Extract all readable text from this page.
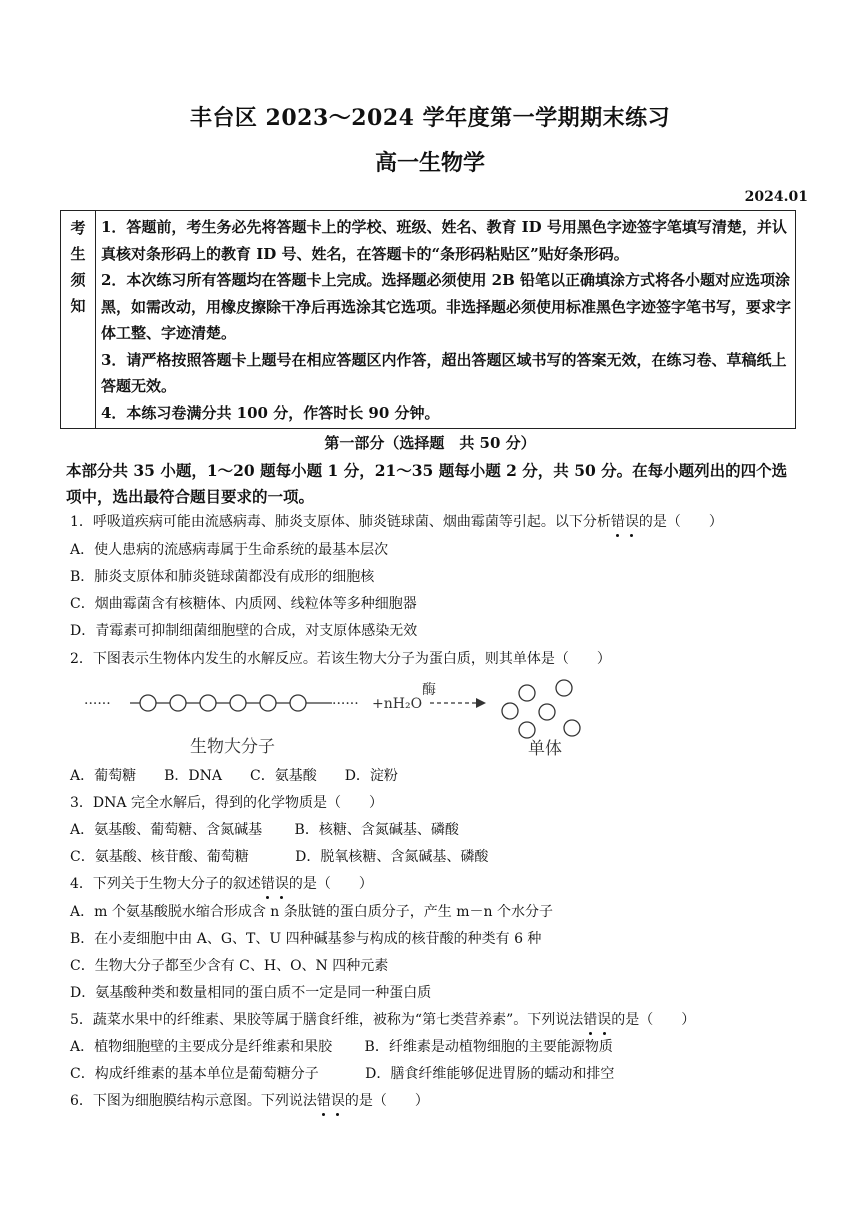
丰台区 2023～2024 学年度第一学期期末练习
高一生物学
2024.01
考
生
须
知

1．答题前，考生务必先将答题卡上的学校、班级、姓名、教育 ID 号用黑色字迹签字笔填写清楚，并认真核对条形码上的教育 ID 号、姓名，在答题卡的“条形码粘贴区”贴好条形码。

2．本次练习所有答题均在答题卡上完成。选择题必须使用 2B 铅笔以正确填涂方式将各小题对应选项涂黑，如需改动，用橡皮擦除干净后再选涂其它选项。非选择题必须使用标准黑色字迹签字笔书写，要求字体工整、字迹清楚。

3．请严格按照答题卡上题号在相应答题区内作答，超出答题区域书写的答案无效，在练习卷、草稿纸上答题无效。

4．本练习卷满分共 100 分，作答时长 90 分钟。

第一部分（选择题　共 50 分）
本部分共 35 小题，1～20 题每小题 1 分，21～35 题每小题 2 分，共 50 分。在每小题列出的四个选项中，选出最符合题目要求的一项。
1．呼吸道疾病可能由流感病毒、肺炎支原体、肺炎链球菌、烟曲霉菌等引起。以下分析错误的是（　　）
A．使人患病的流感病毒属于生命系统的最基本层次
B．肺炎支原体和肺炎链球菌都没有成形的细胞核
C．烟曲霉菌含有核糖体、内质网、线粒体等多种细胞器
D．青霉素可抑制细菌细胞壁的合成，对支原体感染无效
2．下图表示生物体内发生的水解反应。若该生物大分子为蛋白质，则其单体是（　　）
······	······ +nH₂O
酶
生物大分子	单体
A．葡萄糖　　B．DNA　　C．氨基酸　　D．淀粉
3．DNA 完全水解后，得到的化学物质是（　　）
A．氨基酸、葡萄糖、含氮碱基　　 B．核糖、含氮碱基、磷酸
C．氨基酸、核苷酸、葡萄糖　　　 D．脱氧核糖、含氮碱基、磷酸
4．下列关于生物大分子的叙述错误的是（　　）
A．m 个氨基酸脱水缩合形成含 n 条肽链的蛋白质分子，产生 m－n 个水分子
B．在小麦细胞中由 A、G、T、U 四种碱基参与构成的核苷酸的种类有 6 种
C．生物大分子都至少含有 C、H、O、N 四种元素
D．氨基酸种类和数量相同的蛋白质不一定是同一种蛋白质
5．蔬菜水果中的纤维素、果胶等属于膳食纤维，被称为“第七类营养素”。下列说法错误的是（　　）
A．植物细胞壁的主要成分是纤维素和果胶　　 B．纤维素是动植物细胞的主要能源物质
C．构成纤维素的基本单位是葡萄糖分子　　　 D．膳食纤维能够促进胃肠的蠕动和排空
6．下图为细胞膜结构示意图。下列说法错误的是（　　）
